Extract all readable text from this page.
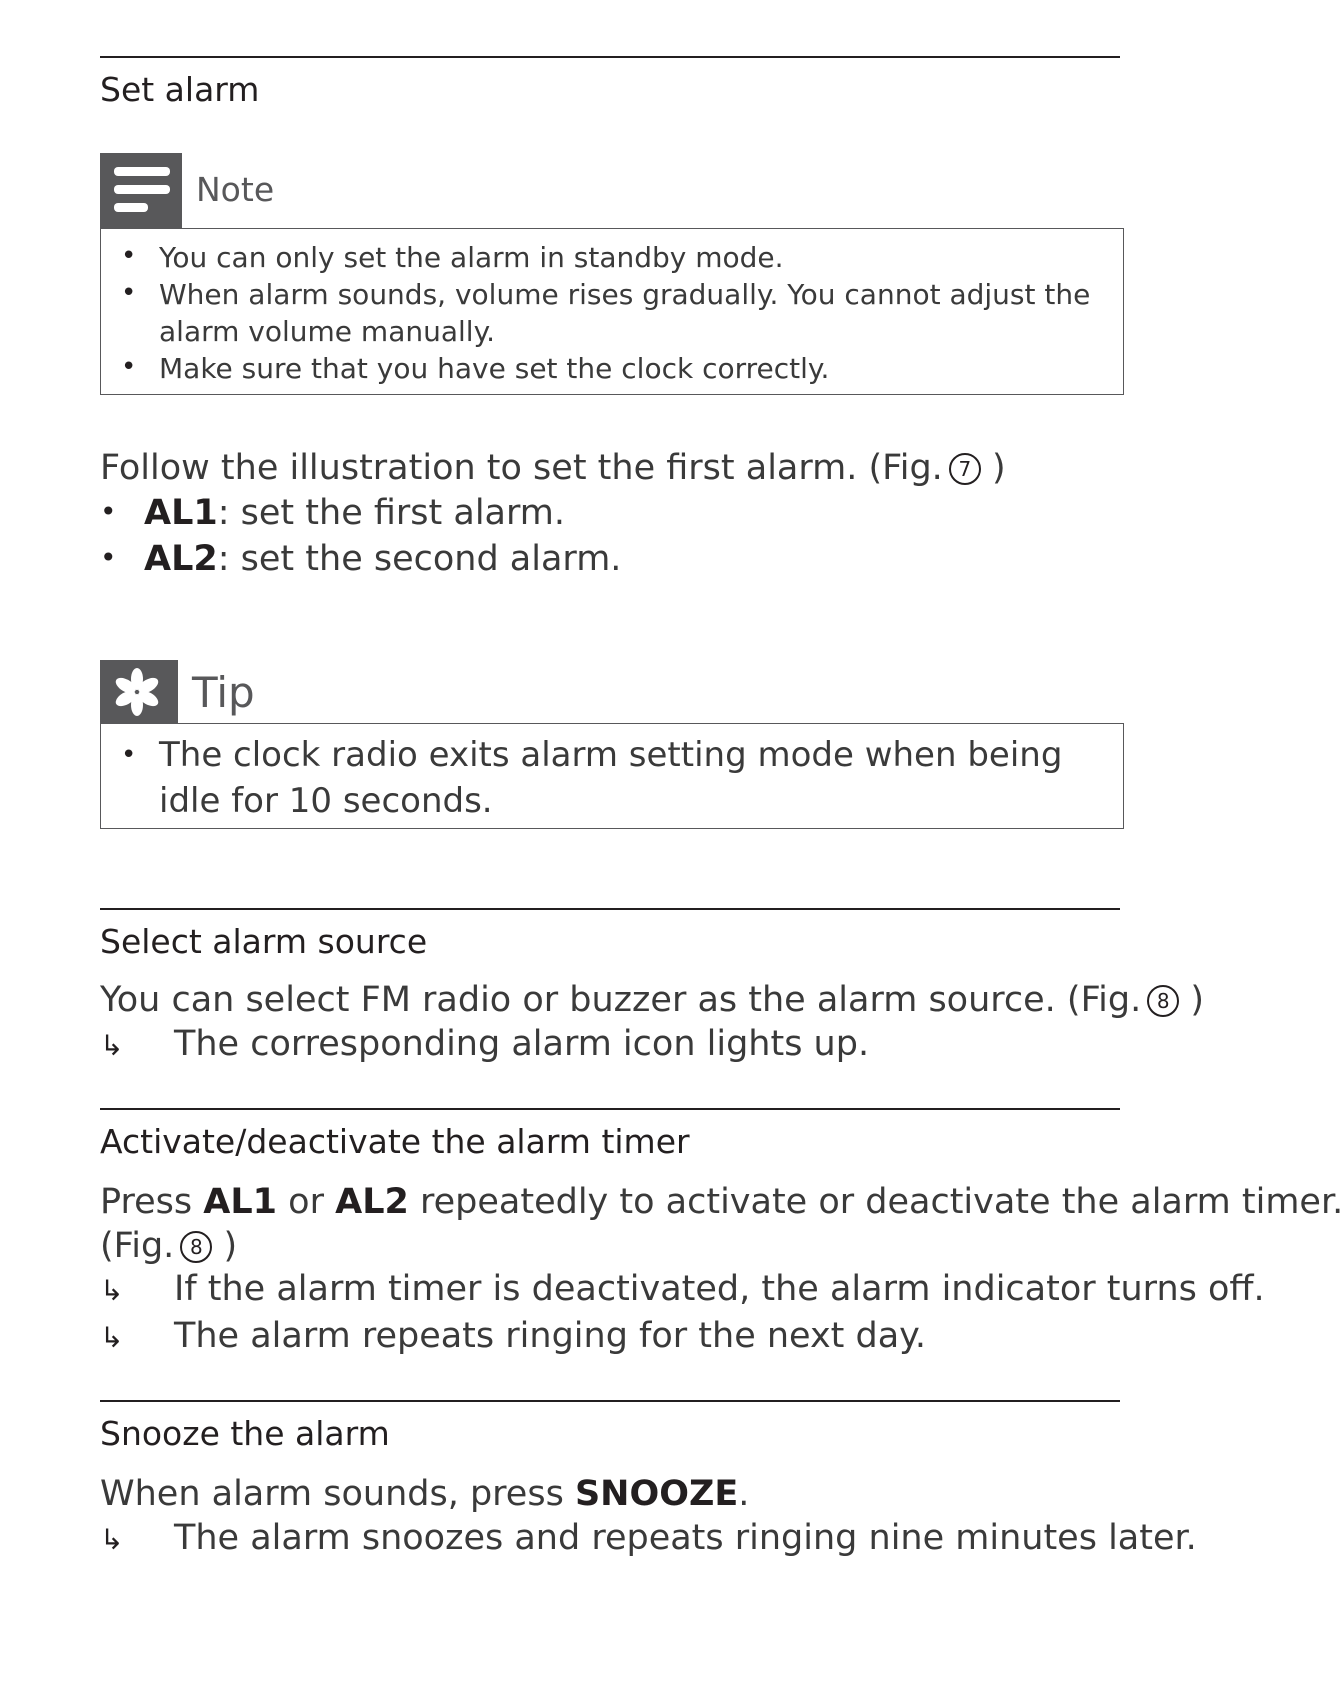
Set alarm
Note
• You can only set the alarm in standby mode.
• When alarm sounds, volume rises gradually. You cannot adjust the alarm volume manually.
• Make sure that you have set the clock correctly.
Follow the illustration to set the first alarm. (Fig. 7 )
• AL1: set the first alarm.
• AL2: set the second alarm.
Tip
• The clock radio exits alarm setting mode when being idle for 10 seconds.
Select alarm source
You can select FM radio or buzzer as the alarm source. (Fig. 8 )
↳ The corresponding alarm icon lights up.
Activate/deactivate the alarm timer
Press AL1 or AL2 repeatedly to activate or deactivate the alarm timer.
(Fig. 8 )
↳ If the alarm timer is deactivated, the alarm indicator turns off.
↳ The alarm repeats ringing for the next day.
Snooze the alarm
When alarm sounds, press SNOOZE.
↳ The alarm snoozes and repeats ringing nine minutes later.
